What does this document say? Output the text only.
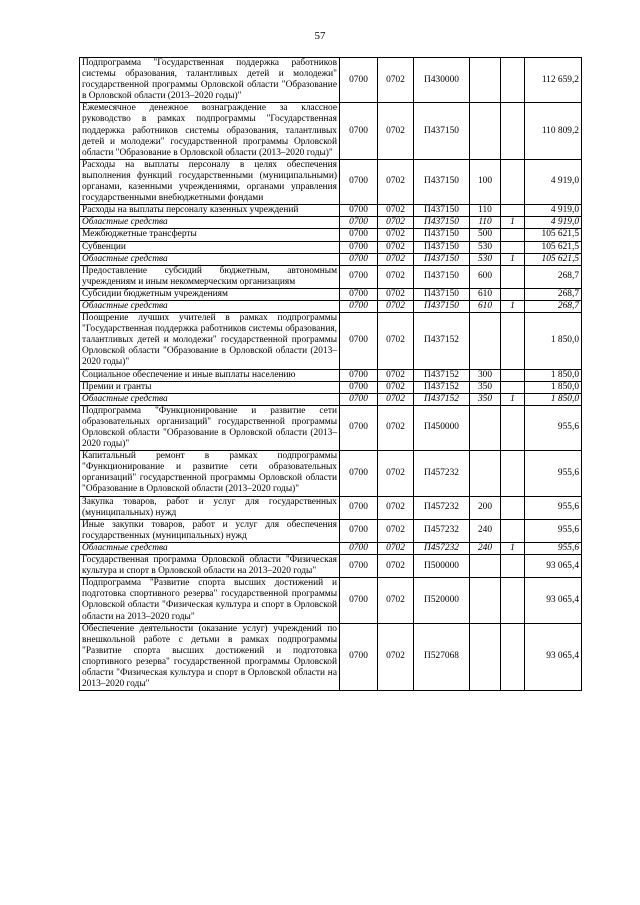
57
Подпрограмма "Государственная поддержка работников системы образования, талантливых детей и молодежи" государственной программы Орловской области "Образование в Орловской области (2013–2020 годы)"	0700	0702	П430000			112 659,2
Ежемесячное денежное вознаграждение за классное руководство в рамках подпрограммы "Государственная поддержка работников системы образования, талантливых детей и молодежи" государственной программы Орловской области "Образование в Орловской области (2013–2020 годы)"	0700	0702	П437150			110 809,2
Расходы на выплаты персоналу в целях обеспечения выполнения функций государственными (муниципальными) органами, казенными учреждениями, органами управления государственными внебюджетными фондами	0700	0702	П437150	100		4 919,0
Расходы на выплаты персоналу казенных учреждений	0700	0702	П437150	110		4 919,0
Областные средства	0700	0702	П437150	110	1	4 919,0
Межбюджетные трансферты	0700	0702	П437150	500		105 621,5
Субвенции	0700	0702	П437150	530		105 621,5
Областные средства	0700	0702	П437150	530	1	105 621,5
Предоставление субсидий бюджетным, автономным учреждениям и иным некоммерческим организациям	0700	0702	П437150	600		268,7
Субсидии бюджетным учреждениям	0700	0702	П437150	610		268,7
Областные средства	0700	0702	П437150	610	1	268,7
Поощрение лучших учителей в рамках подпрограммы "Государственная поддержка работников системы образования, талантливых детей и молодежи" государственной программы Орловской области "Образование в Орловской области (2013–2020 годы)"	0700	0702	П437152			1 850,0
Социальное обеспечение и иные выплаты населению	0700	0702	П437152	300		1 850,0
Премии и гранты	0700	0702	П437152	350		1 850,0
Областные средства	0700	0702	П437152	350	1	1 850,0
Подпрограмма "Функционирование и развитие сети образовательных организаций" государственной программы Орловской области "Образование в Орловской области (2013–2020 годы)"	0700	0702	П450000			955,6
Капитальный ремонт в рамках подпрограммы "Функционирование и развитие сети образовательных организаций" государственной программы Орловской области "Образование в Орловской области (2013–2020 годы)"	0700	0702	П457232			955,6
Закупка товаров, работ и услуг для государственных (муниципальных) нужд	0700	0702	П457232	200		955,6
Иные закупки товаров, работ и услуг для обеспечения государственных (муниципальных) нужд	0700	0702	П457232	240		955,6
Областные средства	0700	0702	П457232	240	1	955,6
Государственная программа Орловской области "Физическая культура и спорт в Орловской области на 2013–2020 годы"	0700	0702	П500000			93 065,4
Подпрограмма "Развитие спорта высших достижений и подготовка спортивного резерва" государственной программы Орловской области "Физическая культура и спорт в Орловской области на 2013–2020 годы"	0700	0702	П520000			93 065,4
Обеспечение деятельности (оказание услуг) учреждений по внешкольной работе с детьми в рамках подпрограммы "Развитие спорта высших достижений и подготовка спортивного резерва" государственной программы Орловской области "Физическая культура и спорт в Орловской области на 2013–2020 годы"	0700	0702	П527068			93 065,4
